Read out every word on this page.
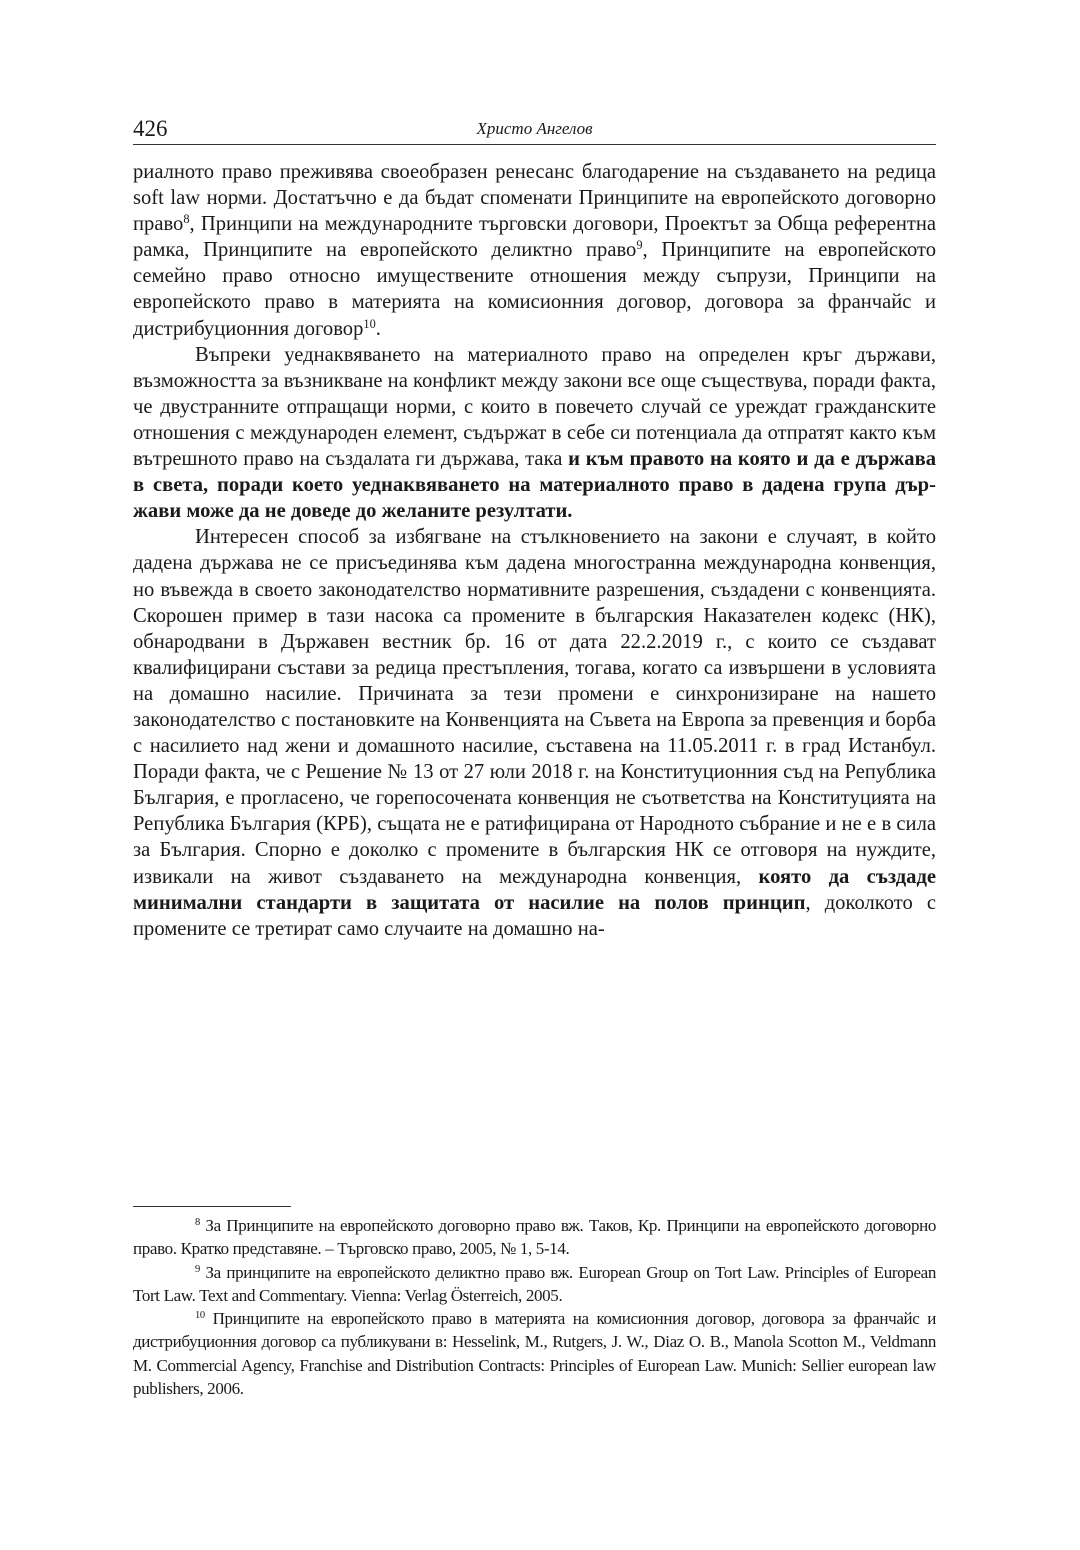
426	Христо Ангелов

риалното право преживява своеобразен ренесанс благодарение на създаването на редица soft law норми. Достатъчно е да бъдат споменати Принципите на европейското договорно право$^8$, Принципи на международните търговски договори, Проектът за Обща референтна рамка, Принципите на европейското деликтно право$^9$, Принципите на европейското семейно право относно имуществените отношения между съпрузи, Принципи на европейското право в материята на комисионния договор, договора за франчайс и дистрибуционния договор$^{10}$.

Въпреки уеднаквяването на материалното право на определен кръг държави, възможността за възникване на конфликт между закони все още съществува, поради факта, че двустранните отпращащи норми, с които в повечето случай се уреждат гражданските отношения с международен елемент, съдържат в себе си потенциала да отпратят както към вътрешното право на създалата ги държава, така и към правото на която и да е държава в света, поради което уеднаквяването на материалното право в дадена група държави може да не доведе до желаните резултати.

Интересен способ за избягване на стълкновението на закони е случаят, в който дадена държава не се присъединява към дадена многостранна международна конвенция, но въвежда в своето законодателство нормативните разрешения, създадени с конвенцията. Скорошен пример в тази насока са промените в българския Наказателен кодекс (НК), обнародвани в Държавен вестник бр. 16 от дата 22.2.2019 г., с които се създават квалифицирани състави за редица престъпления, тогава, когато са извършени в условията на домашно насилие. Причината за тези промени е синхронизиране на нашето законодателство с постановките на Конвенцията на Съвета на Европа за превенция и борба с насилието над жени и домашното насилие, съставена на 11.05.2011 г. в град Истанбул. Поради факта, че с Решение № 13 от 27 юли 2018 г. на Конституционния съд на Република България, е прогласено, че горепосочената конвенция не съответства на Конституцията на Република България (КРБ), същата не е ратифицирана от Народното събрание и не е в сила за България. Спорно е доколко с промените в българския НК се отговоря на нуждите, извикали на живот създаването на международна конвенция, която да създаде минимални стандарти в защитата от насилие на полов принцип, доколкото с промените се третират само случаите на домашно на-

$^8$ За Принципите на европейското договорно право вж. Таков, Кр. Принципи на европейското договорно право. Кратко представяне. – Търговско право, 2005, № 1, 5-14.

$^9$ За принципите на европейското деликтно право вж. European Group on Tort Law. Principles of European Tort Law. Text and Commentary. Vienna: Verlag Österreich, 2005.

$^{10}$ Принципите на европейското право в материята на комисионния договор, договора за франчайс и дистрибуционния договор са публикувани в: Hesselink, M., Rutgers, J. W., Diaz O. B., Manola Scotton M., Veldmann M. Commercial Agency, Franchise and Distribution Contracts: Principles of European Law. Munich: Sellier european law publishers, 2006.
